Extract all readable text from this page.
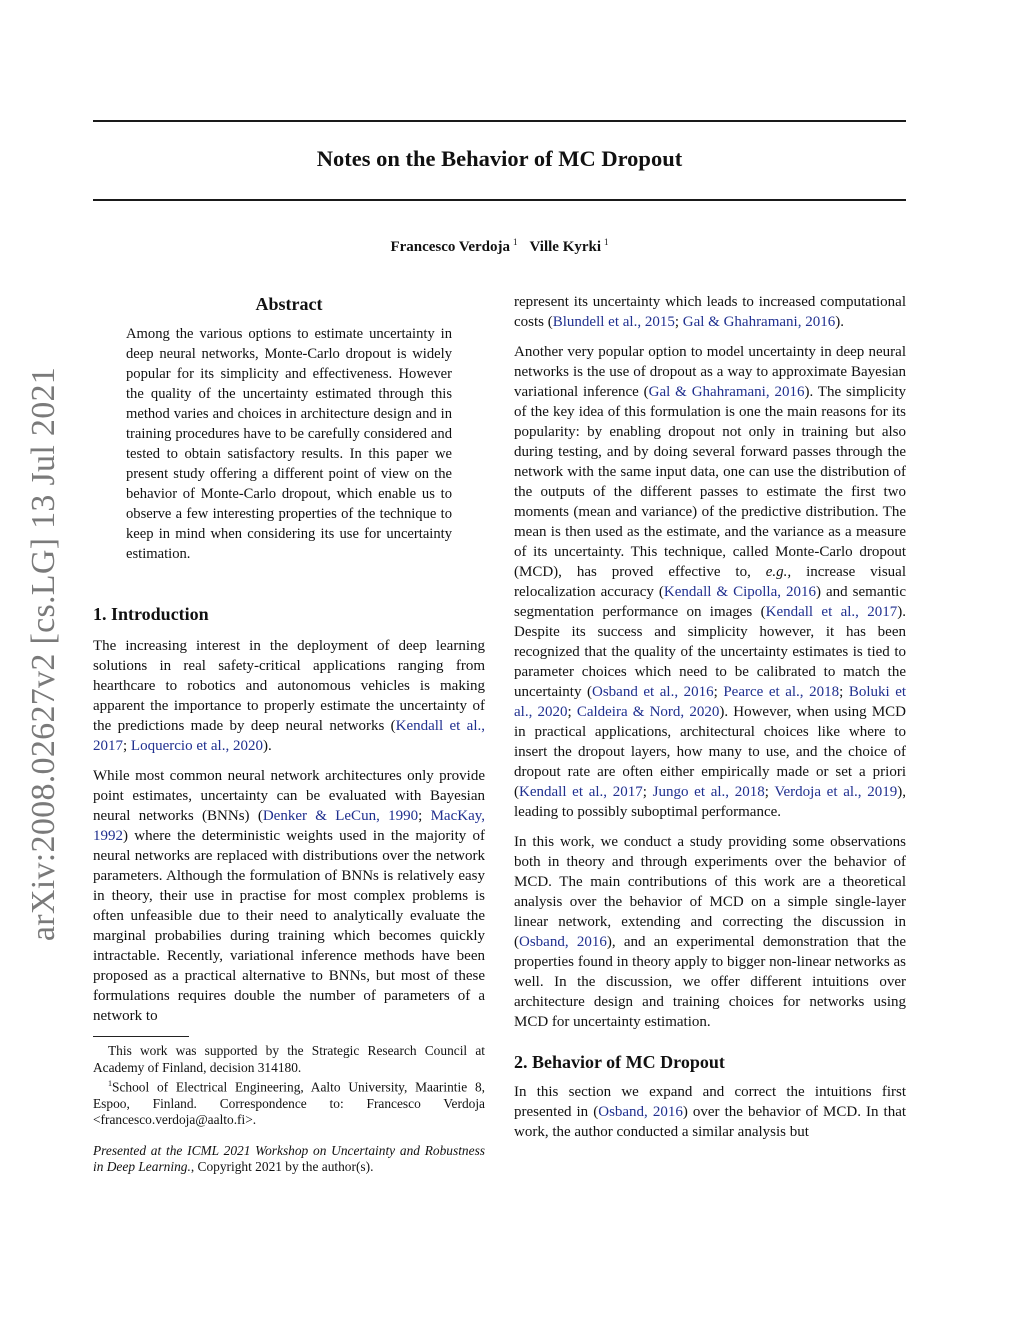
Notes on the Behavior of MC Dropout
Francesco Verdoja $^1$ Ville Kyrki $^1$
arXiv:2008.02627v2 [cs.LG] 13 Jul 2021
Abstract

Among the various options to estimate uncertainty in deep neural networks, Monte-Carlo dropout is widely popular for its simplicity and effectiveness. However the quality of the uncertainty estimated through this method varies and choices in architecture design and in training procedures have to be carefully considered and tested to obtain satisfactory results. In this paper we present study offering a different point of view on the behavior of Monte-Carlo dropout, which enable us to observe a few interesting properties of the technique to keep in mind when considering its use for uncertainty estimation.

1. Introduction

The increasing interest in the deployment of deep learning solutions in real safety-critical applications ranging from hearthcare to robotics and autonomous vehicles is making apparent the importance to properly estimate the uncertainty of the predictions made by deep neural networks (Kendall et al., 2017; Loquercio et al., 2020).

While most common neural network architectures only provide point estimates, uncertainty can be evaluated with Bayesian neural networks (BNNs) (Denker & LeCun, 1990; MacKay, 1992) where the deterministic weights used in the majority of neural networks are replaced with distributions over the network parameters. Although the formulation of BNNs is relatively easy in theory, their use in practise for most complex problems is often unfeasible due to their need to analytically evaluate the marginal probabilies during training which becomes quickly intractable. Recently, variational inference methods have been proposed as a practical alternative to BNNs, but most of these formulations requires double the number of parameters of a network to

This work was supported by the Strategic Research Council at Academy of Finland, decision 314180.

$^1$School of Electrical Engineering, Aalto University, Maarintie 8, Espoo, Finland. Correspondence to: Francesco Verdoja <francesco.verdoja@aalto.fi>.

Presented at the ICML 2021 Workshop on Uncertainty and Robustness in Deep Learning., Copyright 2021 by the author(s).

represent its uncertainty which leads to increased computational costs (Blundell et al., 2015; Gal & Ghahramani, 2016).

Another very popular option to model uncertainty in deep neural networks is the use of dropout as a way to approximate Bayesian variational inference (Gal & Ghahramani, 2016). The simplicity of the key idea of this formulation is one the main reasons for its popularity: by enabling dropout not only in training but also during testing, and by doing several forward passes through the network with the same input data, one can use the distribution of the outputs of the different passes to estimate the first two moments (mean and variance) of the predictive distribution. The mean is then used as the estimate, and the variance as a measure of its uncertainty. This technique, called Monte-Carlo dropout (MCD), has proved effective to, e.g., increase visual relocalization accuracy (Kendall & Cipolla, 2016) and semantic segmentation performance on images (Kendall et al., 2017). Despite its success and simplicity however, it has been recognized that the quality of the uncertainty estimates is tied to parameter choices which need to be calibrated to match the uncertainty (Osband et al., 2016; Pearce et al., 2018; Boluki et al., 2020; Caldeira & Nord, 2020). However, when using MCD in practical applications, architectural choices like where to insert the dropout layers, how many to use, and the choice of dropout rate are often either empirically made or set a priori (Kendall et al., 2017; Jungo et al., 2018; Verdoja et al., 2019), leading to possibly suboptimal performance.

In this work, we conduct a study providing some observations both in theory and through experiments over the behavior of MCD. The main contributions of this work are a theoretical analysis over the behavior of MCD on a simple single-layer linear network, extending and correcting the discussion in (Osband, 2016), and an experimental demonstration that the properties found in theory apply to bigger non-linear networks as well. In the discussion, we offer different intuitions over architecture design and training choices for networks using MCD for uncertainty estimation.

2. Behavior of MC Dropout

In this section we expand and correct the intuitions first presented in (Osband, 2016) over the behavior of MCD. In that work, the author conducted a similar analysis but
